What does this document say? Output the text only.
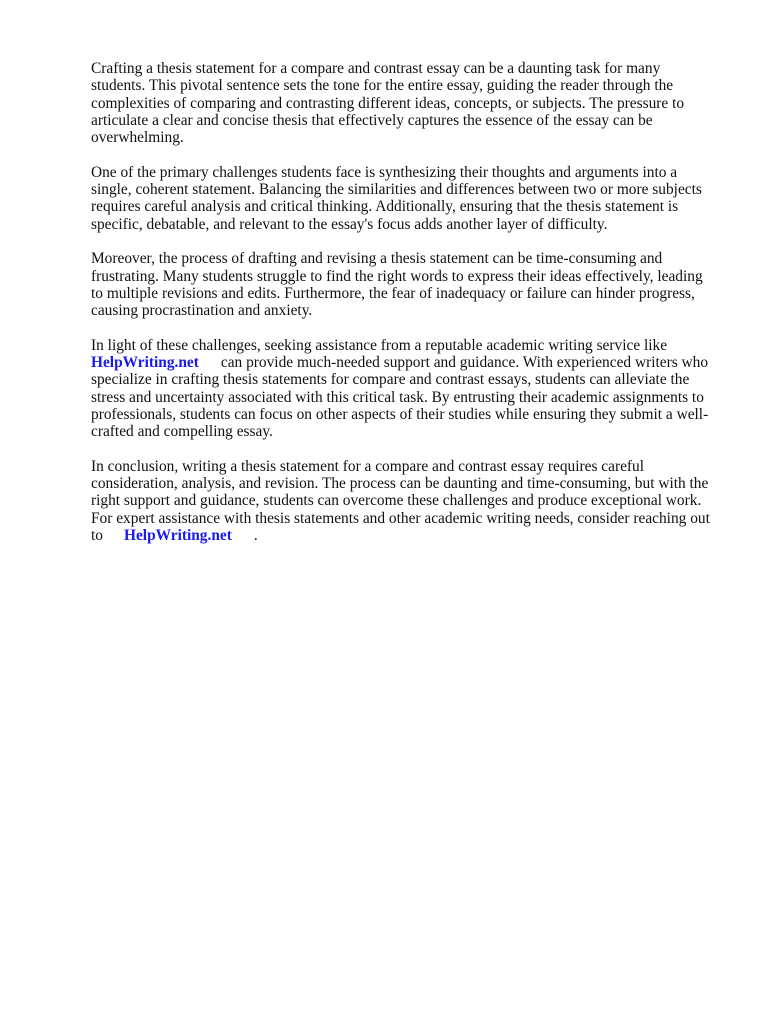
Crafting a thesis statement for a compare and contrast essay can be a daunting task for many
students. This pivotal sentence sets the tone for the entire essay, guiding the reader through the
complexities of comparing and contrasting different ideas, concepts, or subjects. The pressure to
articulate a clear and concise thesis that effectively captures the essence of the essay can be
overwhelming.

One of the primary challenges students face is synthesizing their thoughts and arguments into a
single, coherent statement. Balancing the similarities and differences between two or more subjects
requires careful analysis and critical thinking. Additionally, ensuring that the thesis statement is
specific, debatable, and relevant to the essay's focus adds another layer of difficulty.

Moreover, the process of drafting and revising a thesis statement can be time-consuming and
frustrating. Many students struggle to find the right words to express their ideas effectively, leading
to multiple revisions and edits. Furthermore, the fear of inadequacy or failure can hinder progress,
causing procrastination and anxiety.

In light of these challenges, seeking assistance from a reputable academic writing service like
HelpWriting.net can provide much-needed support and guidance. With experienced writers who
specialize in crafting thesis statements for compare and contrast essays, students can alleviate the
stress and uncertainty associated with this critical task. By entrusting their academic assignments to
professionals, students can focus on other aspects of their studies while ensuring they submit a well-
crafted and compelling essay.

In conclusion, writing a thesis statement for a compare and contrast essay requires careful
consideration, analysis, and revision. The process can be daunting and time-consuming, but with the
right support and guidance, students can overcome these challenges and produce exceptional work.
For expert assistance with thesis statements and other academic writing needs, consider reaching out
to HelpWriting.net .
